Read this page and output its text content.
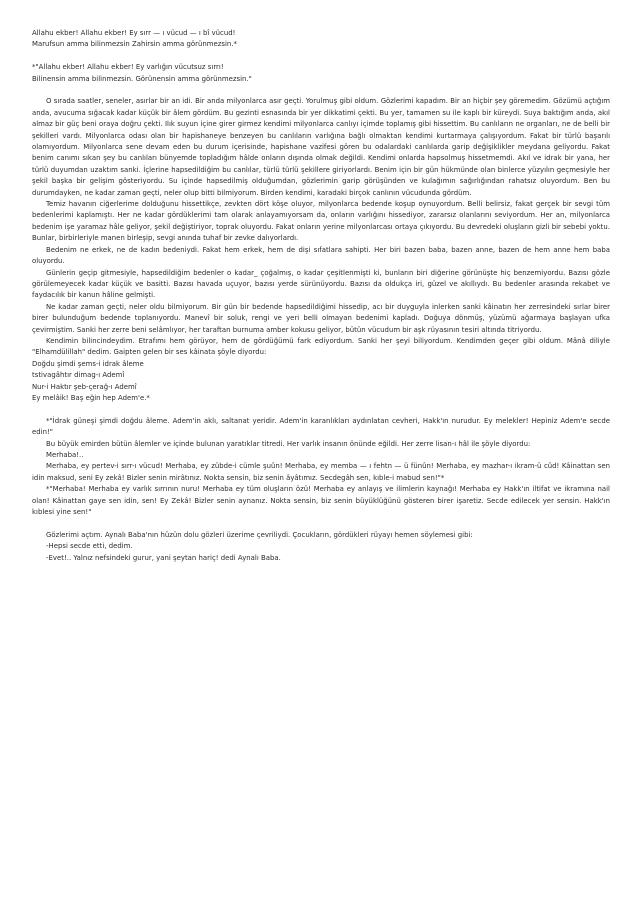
Allahu ekber! Allahu ekber! Ey sırr — ı vücud — ı bî vücud!

Marufsun amma bilinmezsin Zahirsin amma görünmezsin.*

*"Allahu ekber! Allahu ekber! Ey varlığın vücutsuz sırrı!

Bilinensin amma bilinmezsin. Görünensin amma görünmezsin."

O sırada saatler, seneler, asırlar bir an idi. Bir anda milyonlarca asır geçti. Yorulmuş gibi oldum. Gözlerimi kapadım. Bir an hiçbir şey göremedim. Gözümü açtığım anda, avucuma sığacak kadar küçük bir âlem gördüm. Bu gezinti esnasında bir yer dikkatimi çekti. Bu yer, tamamen su ile kaplı bir küreydi. Suya baktığım anda, akıl almaz bir güç beni oraya doğru çekti. Ilık suyun içine girer girmez kendimi milyonlarca canlıyı içimde toplamış gibi hissettim. Bu canlıların ne organları, ne de belli bir şekilleri vardı. Milyonlarca odası olan bir hapishaneye benzeyen bu canlıların varlığına bağlı olmaktan kendimi kurtarmaya çalışıyordum. Fakat bir türlü başarılı olamıyordum. Milyonlarca sene devam eden bu durum içerisinde, hapishane vazifesi gören bu odalardaki canlılarda garip değişiklikler meydana geliyordu. Fakat benim canımı sıkan şey bu canlıları bünyemde topladığım hâlde onların dışında olmak değildi. Kendimi onlarda hapsolmuş hissetmemdi. Akıl ve idrak bir yana, her türlü duyumdan uzaktım sanki. İçlerine hapsedildiğim bu canlılar, türlü türlü şekillere giriyorlardı. Benim için bir gün hükmünde olan binlerce yüzyılın geçmesiyle her şekil başka bir gelişim gösteriyordu. Su içinde hapsedilmiş olduğumdan, gözlerimin garip görüşünden ve kulağımın sağırlığından rahatsız oluyordum. Ben bu durumdayken, ne kadar zaman geçti, neler olup bitti bilmiyorum. Birden kendimi, karadaki birçok canlının vücudunda gördüm.

Temiz havanın ciğerlerime dolduğunu hissettikçe, zevkten dört köşe oluyor, milyonlarca bedende koşup oynuyordum. Belli belirsiz, fakat gerçek bir sevgi tüm bedenlerimi kaplamıştı. Her ne kadar gördüklerimi tam olarak anlayamıyorsam da, onların varlığını hissediyor, zararsız olanlarını seviyordum. Her an, milyonlarca bedenim işe yaramaz hâle geliyor, şekil değiştiriyor, toprak oluyordu. Fakat onların yerine milyonlarcası ortaya çıkıyordu. Bu devredeki oluşların gizli bir sebebi yoktu. Bunlar, birbirleriyle manen birleşip, sevgi anında tuhaf bir zevke dalıyorlardı.

Bedenim ne erkek, ne de kadın bedeniydi. Fakat hem erkek, hem de dişi sıfatlara sahipti. Her biri bazen baba, bazen anne, bazen de hem anne hem baba oluyordu.

Günlerin geçip gitmesiyle, hapsedildiğim bedenler o kadar_ çoğalmış, o kadar çeşitlenmişti ki, bunların biri diğerine görünüşte hiç benzemiyordu. Bazısı gözle görülemeyecek kadar küçük ve basitti. Bazısı havada uçuyor, bazısı yerde sürünüyordu. Bazısı da oldukça iri, güzel ve akıllıydı. Bu bedenler arasında rekabet ve faydacılık bir kanun hâline gelmişti.

Ne kadar zaman geçti, neler oldu bilmiyorum. Bir gün bir bedende hapsedildiğimi hissedip, acı bir duyguyla inlerken sanki kâinatın her zerresindeki sırlar birer birer bulunduğum bedende toplanıyordu. Manevî bir soluk, rengi ve yeri belli olmayan bedenimi kapladı. Doğuya dönmüş, yüzümü ağarmaya başlayan ufka çevirmiştim. Sanki her zerre beni selâmlıyor, her taraftan burnuma amber kokusu geliyor, bütün vücudum bir aşk rüyasının tesiri altında titriyordu.

Kendimin bilincindeydim. Etrafımı hem görüyor, hem de gördüğümü fark ediyordum. Sanki her şeyi biliyordum. Kendimden geçer gibi oldum. Mânâ diliyle "Elhamdülillah" dedim. Gaipten gelen bir ses kâinata şöyle diyordu:

Doğdu şimdi şems-i idrak âleme

tstivagâhtır dimag-ı Ademî

Nur-i Haktır şeb-çerağ-ı Ademî

Ey melâik! Baş eğin hep Adem'e.*

*"İdrak güneşi şimdi doğdu âleme. Adem'in aklı, saltanat yeridir. Adem'in karanlıkları aydınlatan cevheri, Hakk'ın nurudur. Ey melekler! Hepiniz Adem'e secde edin!"

Bu büyük emirden bütün âlemler ve içinde bulunan yaratıklar titredi. Her varlık insanın önünde eğildi. Her zerre lisan-ı hâl ile şöyle diyordu:

Merhaba!..

Merhaba, ey pertev-i sırr-ı vücud! Merhaba, ey zübde-i cümle şuûn! Merhaba, ey memba — ı fehtn — ü fünûn! Merhaba, ey mazhar-ı ikram-ü cûd! Kâinattan sen idin maksud, seni Ey zekâ! Bizler senin mirâtınız. Nokta sensin, biz senin âyâtımız. Secdegâh sen, kıble-i mabud sen!"*

*"Merhaba! Merhaba ey varlık sırrının nuru! Merhaba ey tüm oluşların özü! Merhaba ey anlayış ve ilimlerin kaynağı! Merhaba ey Hakk'ın iltifat ve ikramına nail olan! Kâinattan gaye sen idin, sen! Ey Zekâ! Bizler senin aynanız. Nokta sensin, biz senin büyüklüğünü gösteren birer işaretiz. Secde edilecek yer sensin. Hakk'ın kıblesi yine sen!"

Gözlerimi açtım. Aynalı Baba'nın hüzün dolu gözleri üzerime çevriliydi. Çocukların, gördükleri rüyayı hemen söylemesi gibi:

-Hepsi secde etti, dedim.

-Evet!.. Yalnız nefsindeki gurur, yani şeytan hariç! dedi Aynalı Baba.
